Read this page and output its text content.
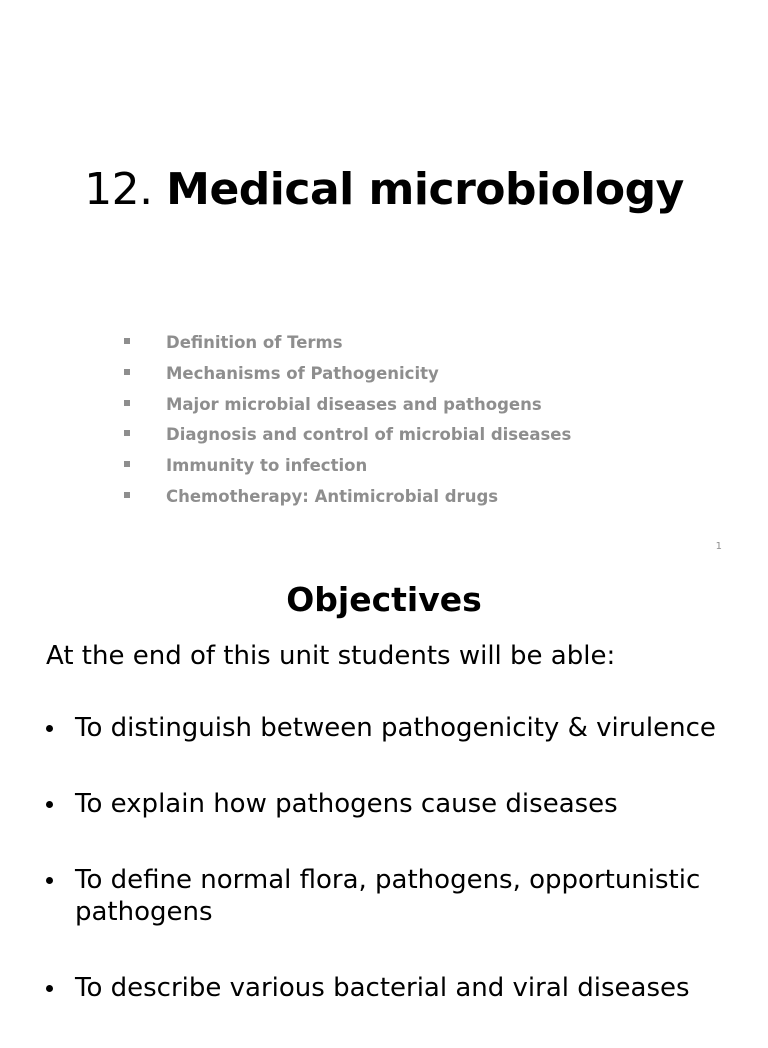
12. Medical microbiology
Definition of Terms
Mechanisms of Pathogenicity
Major microbial diseases and pathogens
Diagnosis and control of microbial diseases
Immunity to infection
Chemotherapy: Antimicrobial drugs
1
Objectives
At the end of this unit students will be able:
To distinguish between pathogenicity & virulence
To explain how pathogens cause diseases
To define normal flora, pathogens, opportunistic pathogens
To describe various bacterial and viral diseases
